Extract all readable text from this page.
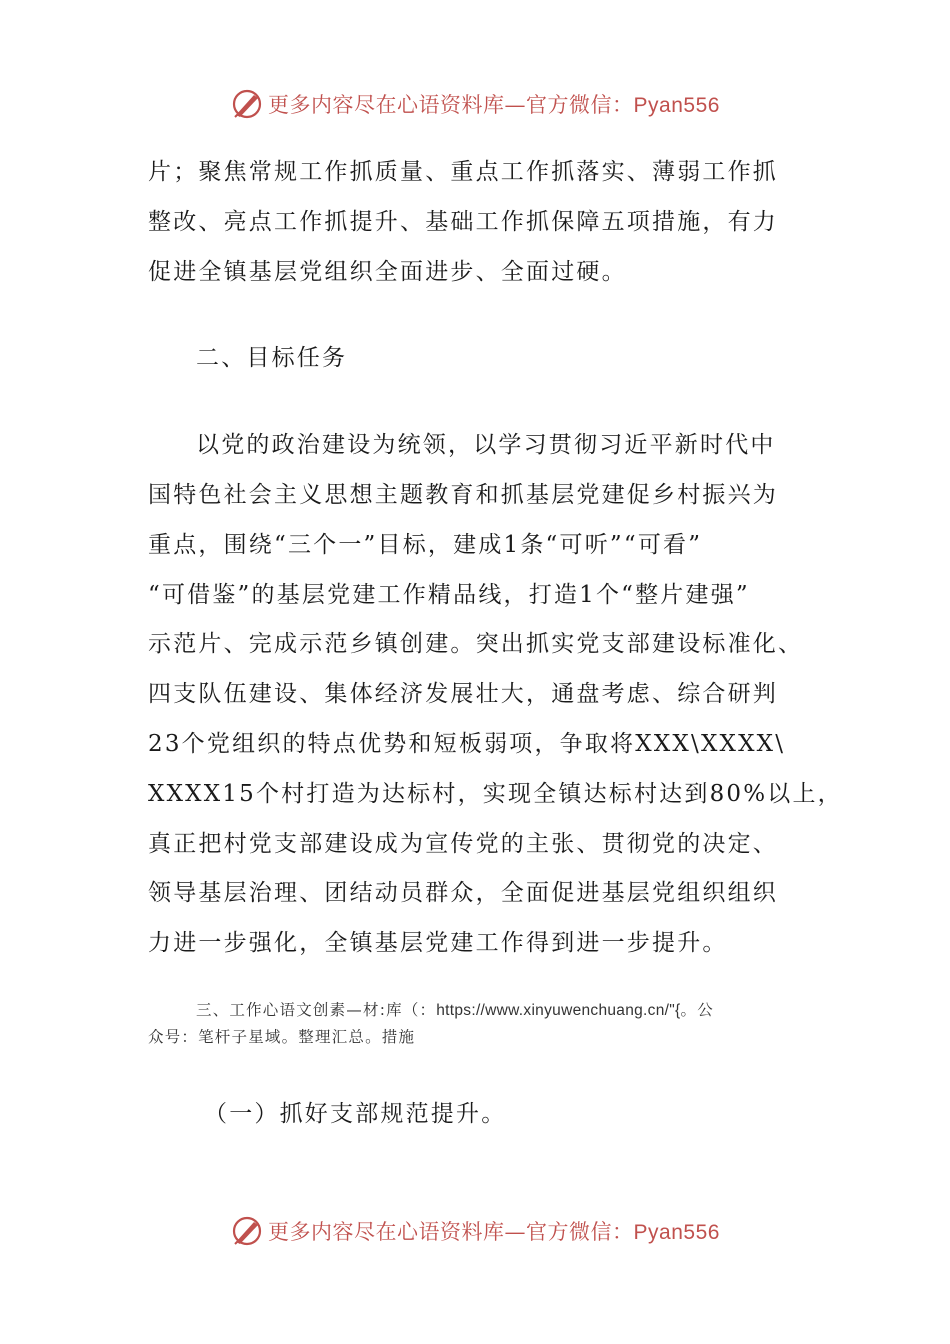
更多内容尽在心语资料库—官方微信：Pyan556

片；聚焦常规工作抓质量、重点工作抓落实、薄弱工作抓

整改、亮点工作抓提升、基础工作抓保障五项措施，有力

促进全镇基层党组织全面进步、全面过硬。

二、目标任务

以党的政治建设为统领，以学习贯彻习近平新时代中

国特色社会主义思想主题教育和抓基层党建促乡村振兴为

重点，围绕“三个一”目标，建成1条“可听”“可看”

“可借鉴”的基层党建工作精品线，打造1个“整片建强”

示范片、完成示范乡镇创建。突出抓实党支部建设标准化、

四支队伍建设、集体经济发展壮大，通盘考虑、综合研判

23个党组织的特点优势和短板弱项，争取将XXX\XXXX\

XXXX15个村打造为达标村，实现全镇达标村达到80%以上，

真正把村党支部建设成为宣传党的主张、贯彻党的决定、

领导基层治理、团结动员群众，全面促进基层党组织组织

力进一步强化，全镇基层党建工作得到进一步提升。

三、工作心语文创素—材:库（：https://www.xinyuwenchuang.cn/"{。公
众号：笔杆子星域。整理汇总。措施

（一）抓好支部规范提升。

更多内容尽在心语资料库—官方微信：Pyan556
